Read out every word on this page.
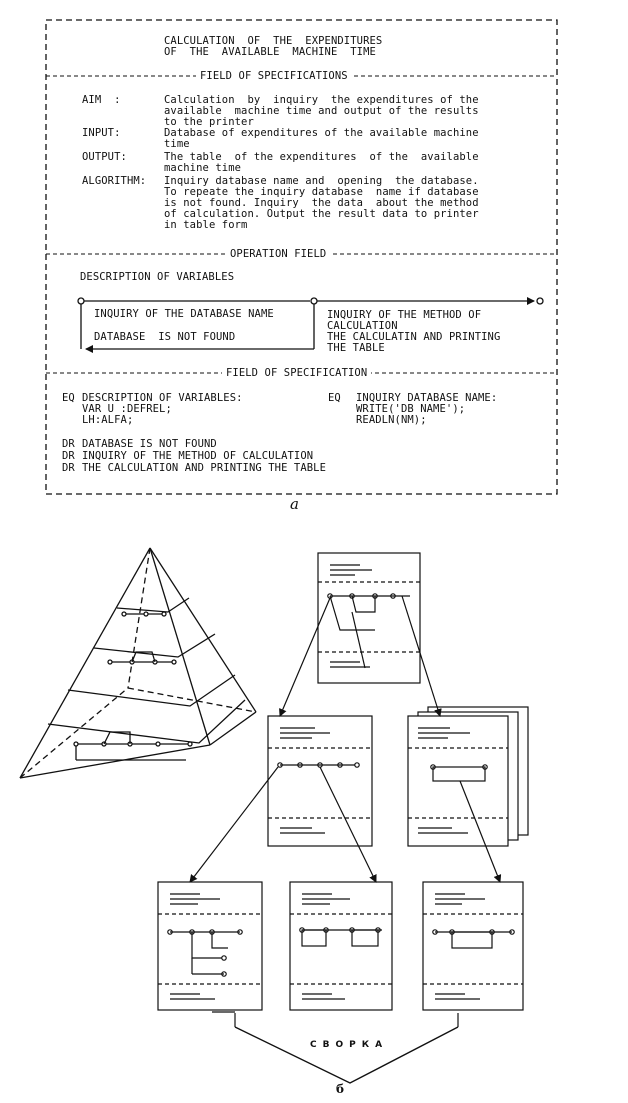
CALCULATION  OF  THE  EXPENDITURES
OF  THE  AVAILABLE  MACHINE  TIME
FIELD OF SPECIFICATIONS
AIM  :	Calculation  by  inquiry  the expenditures of the
available  machine time and output of the results
to the printer
INPUT:	Database of expenditures of the available machine
time
OUTPUT:	The table  of the expenditures  of the  available
machine time
ALGORITHM: Inquiry database name and  opening  the database.
To repeate the inquiry database  name if database
is not found. Inquiry  the data  about the method
of calculation. Output the result data to printer
in table form
OPERATION FIELD
DESCRIPTION OF VARIABLES
INQUIRY OF THE DATABASE NAME
DATABASE  IS NOT FOUND
INQUIRY OF THE METHOD OF
CALCULATION
THE CALCULATIN AND PRINTING
THE TABLE
FIELD OF SPECIFICATION
EQ DESCRIPTION OF VARIABLES:
VAR U :DEFREL;
LH:ALFA;
EQ INQUIRY DATABASE NAME:
WRITE('DB NAME');
READLN(NM);
DR DATABASE IS NOT FOUND
DR INQUIRY OF THE METHOD OF CALCULATION
DR THE CALCULATION AND PRINTING THE TABLE
a
СВОРКА
б
